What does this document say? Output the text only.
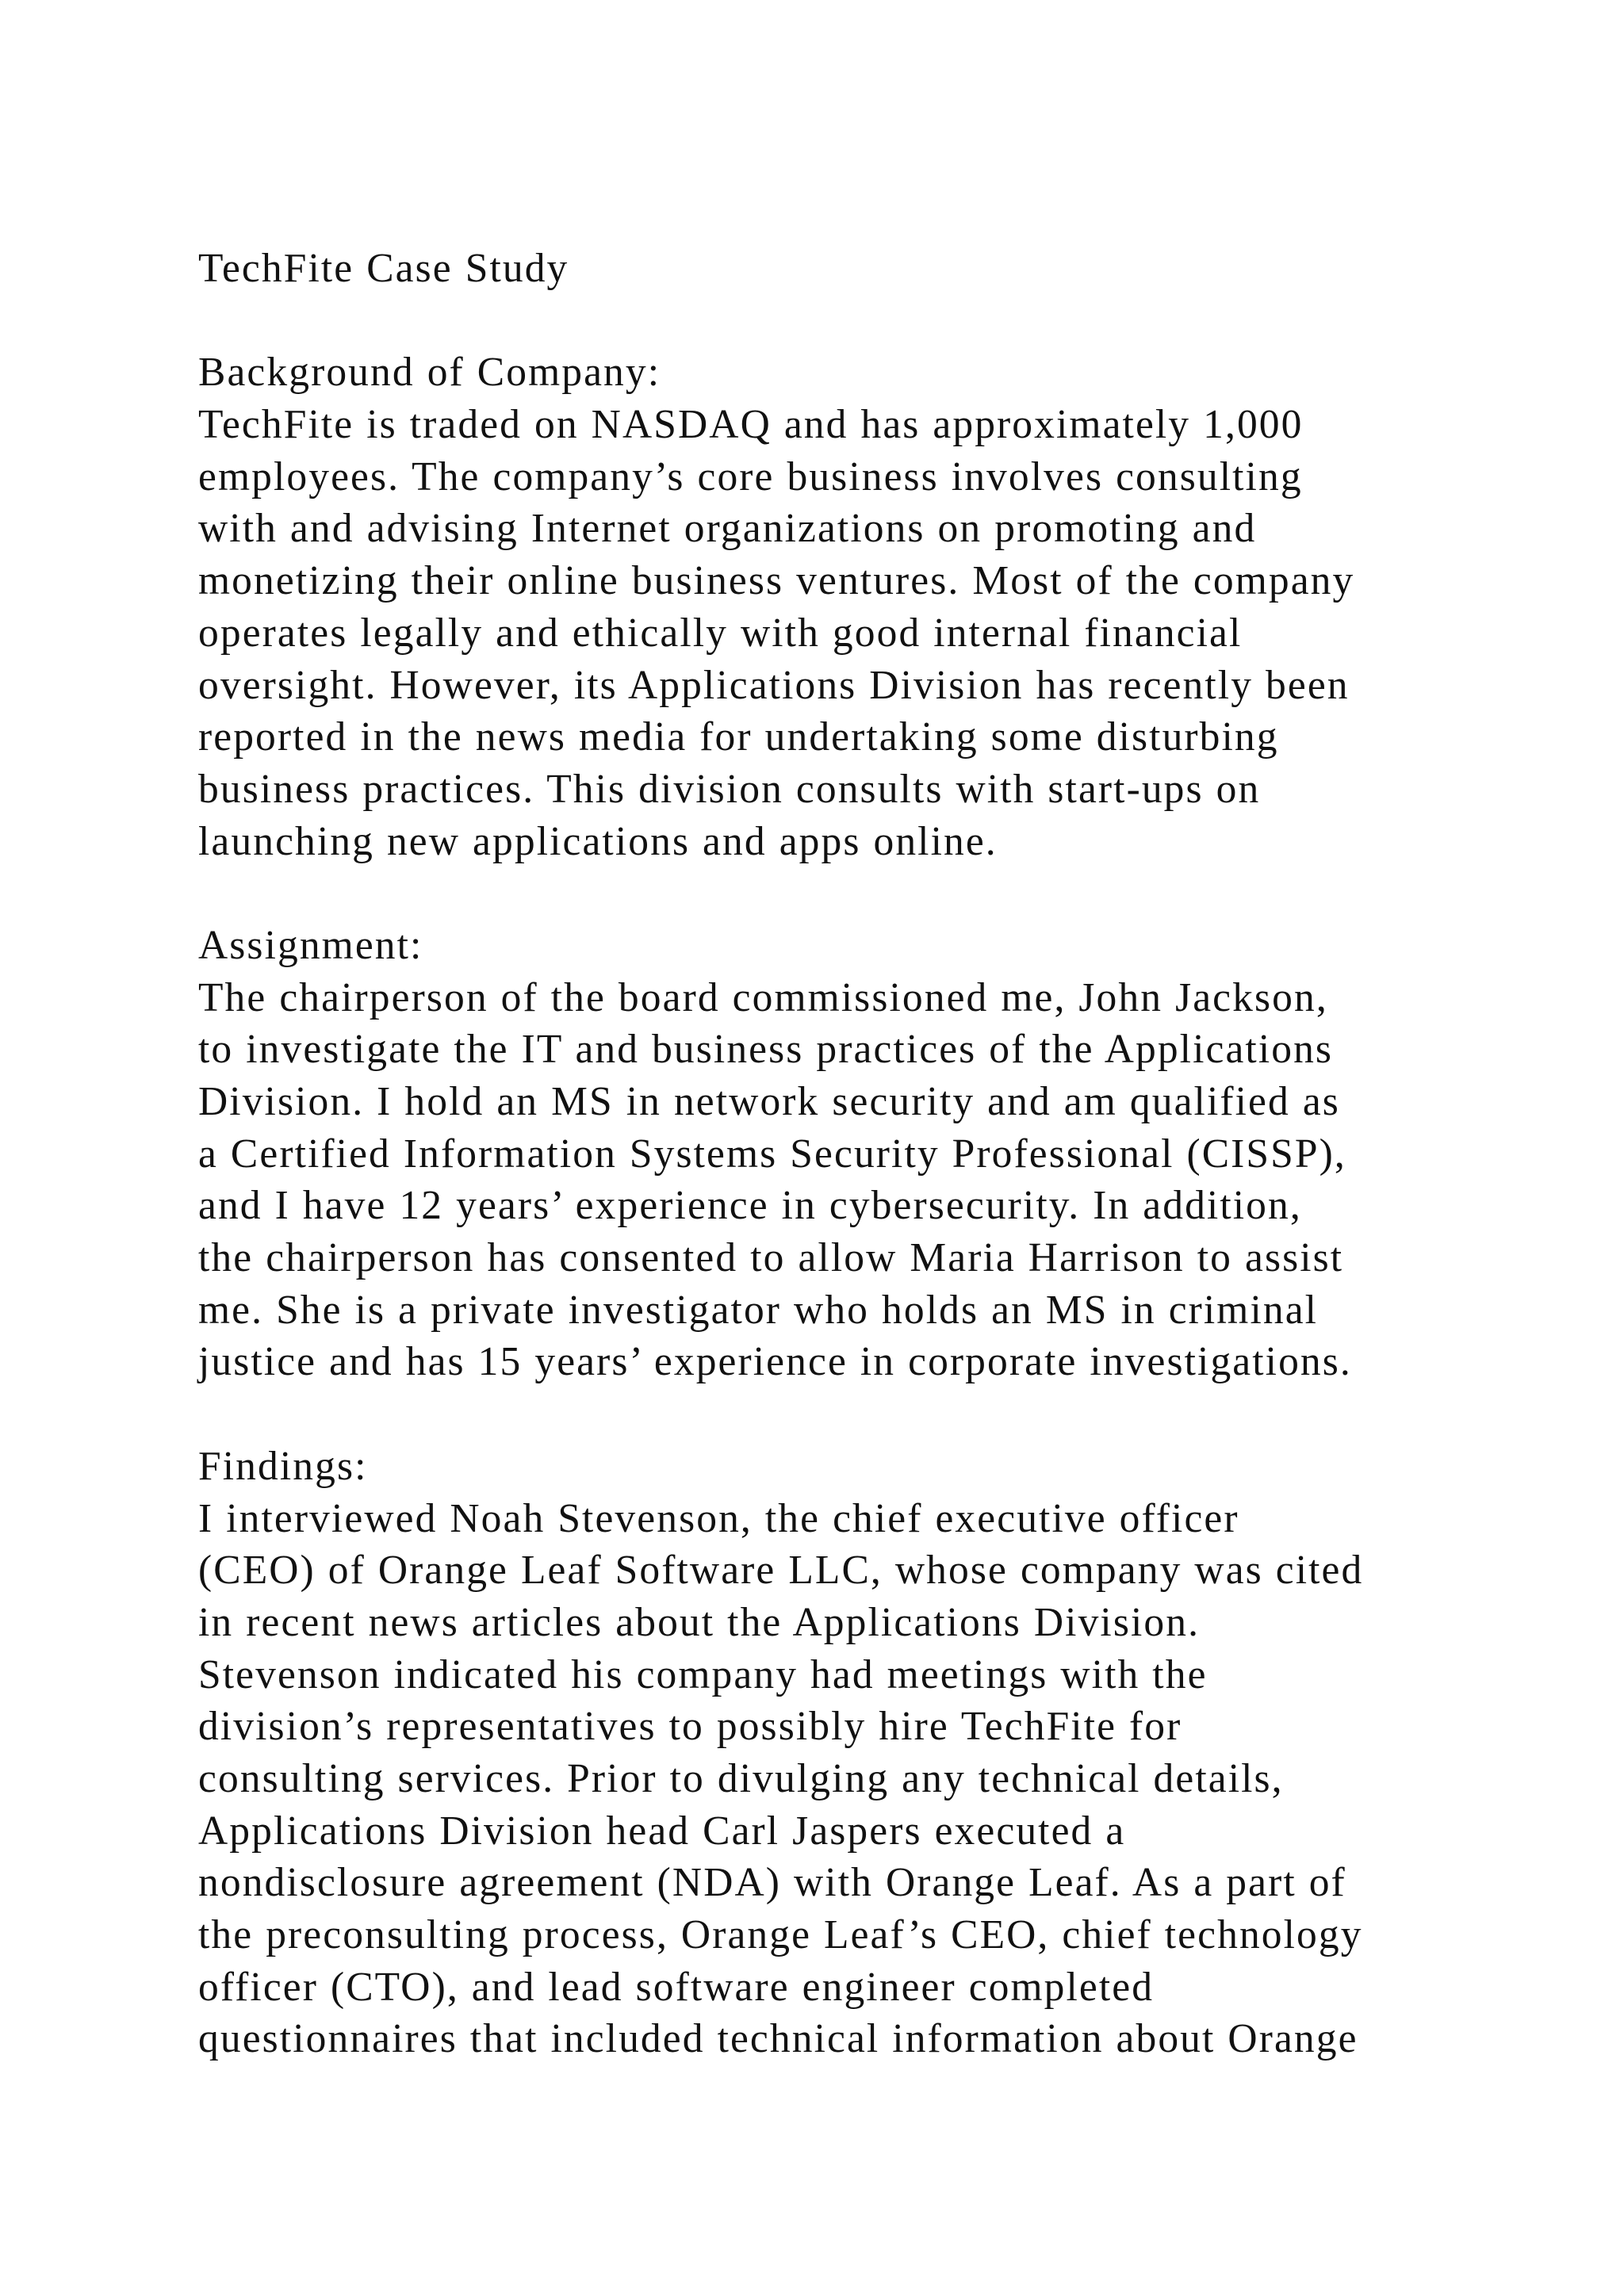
TechFite Case Study
Background of Company:
TechFite is traded on NASDAQ and has approximately 1,000
employees. The company’s core business involves consulting
with and advising Internet organizations on promoting and
monetizing their online business ventures. Most of the company
operates legally and ethically with good internal financial
oversight. However, its Applications Division has recently been
reported in the news media for undertaking some disturbing
business practices. This division consults with start-ups on
launching new applications and apps online.
Assignment:
The chairperson of the board commissioned me, John Jackson,
to investigate the IT and business practices of the Applications
Division. I hold an MS in network security and am qualified as
a Certified Information Systems Security Professional (CISSP),
and I have 12 years’ experience in cybersecurity. In addition,
the chairperson has consented to allow Maria Harrison to assist
me. She is a private investigator who holds an MS in criminal
justice and has 15 years’ experience in corporate investigations.
Findings:
I interviewed Noah Stevenson, the chief executive officer
(CEO) of Orange Leaf Software LLC, whose company was cited
in recent news articles about the Applications Division.
Stevenson indicated his company had meetings with the
division’s representatives to possibly hire TechFite for
consulting services. Prior to divulging any technical details,
Applications Division head Carl Jaspers executed a
nondisclosure agreement (NDA) with Orange Leaf. As a part of
the preconsulting process, Orange Leaf’s CEO, chief technology
officer (CTO), and lead software engineer completed
questionnaires that included technical information about Orange
